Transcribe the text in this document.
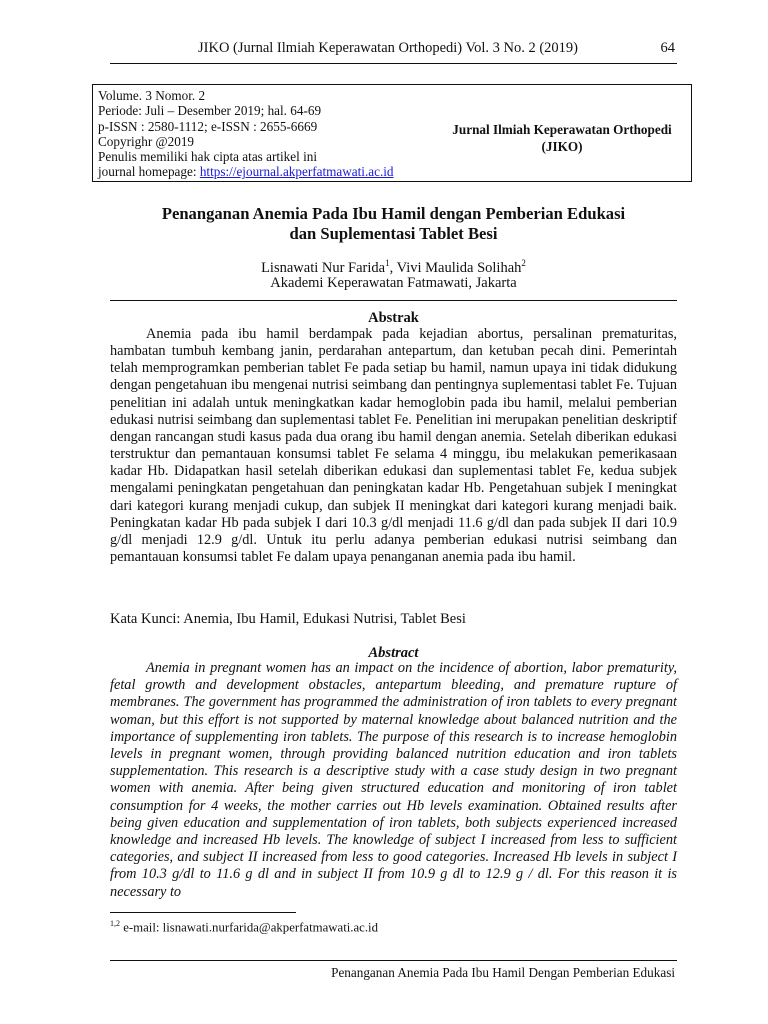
JIKO (Jurnal Ilmiah Keperawatan Orthopedi) Vol. 3 No. 2 (2019)	64
Volume. 3 Nomor. 2
Periode: Juli – Desember 2019; hal. 64-69
p-ISSN : 2580-1112; e-ISSN : 2655-6669
Copyrighr @2019
Penulis memiliki hak cipta atas artikel ini
journal homepage: https://ejournal.akperfatmawati.ac.id
Jurnal Ilmiah Keperawatan Orthopedi
(JIKO)
Penanganan Anemia Pada Ibu Hamil dengan Pemberian Edukasi
dan Suplementasi Tablet Besi
Lisnawati Nur Farida$^1$, Vivi Maulida Solihah$^2$
Akademi Keperawatan Fatmawati, Jakarta
Abstrak
Anemia pada ibu hamil berdampak pada kejadian abortus, persalinan prematuritas, hambatan tumbuh kembang janin, perdarahan antepartum, dan ketuban pecah dini. Pemerintah telah memprogramkan pemberian tablet Fe pada setiap bu hamil, namun upaya ini tidak didukung dengan pengetahuan ibu mengenai nutrisi seimbang dan pentingnya suplementasi tablet Fe. Tujuan penelitian ini adalah untuk meningkatkan kadar hemoglobin pada ibu hamil, melalui pemberian edukasi nutrisi seimbang dan suplementasi tablet Fe. Penelitian ini merupakan penelitian deskriptif dengan rancangan studi kasus pada dua orang ibu hamil dengan anemia. Setelah diberikan edukasi terstruktur dan pemantauan konsumsi tablet Fe selama 4 minggu, ibu melakukan pemerikasaan kadar Hb. Didapatkan hasil setelah diberikan edukasi dan suplementasi tablet Fe, kedua subjek mengalami peningkatan pengetahuan dan peningkatan kadar Hb. Pengetahuan subjek I meningkat dari kategori kurang menjadi cukup, dan subjek II meningkat dari kategori kurang menjadi baik. Peningkatan kadar Hb pada subjek I dari 10.3 g/dl menjadi 11.6 g/dl dan pada subjek II dari 10.9 g/dl menjadi 12.9 g/dl. Untuk itu perlu adanya pemberian edukasi nutrisi seimbang dan pemantauan konsumsi tablet Fe dalam upaya penanganan anemia pada ibu hamil.
Kata Kunci: Anemia, Ibu Hamil, Edukasi Nutrisi, Tablet Besi
Abstract
Anemia in pregnant women has an impact on the incidence of abortion, labor prematurity, fetal growth and development obstacles, antepartum bleeding, and premature rupture of membranes. The government has programmed the administration of iron tablets to every pregnant woman, but this effort is not supported by maternal knowledge about balanced nutrition and the importance of supplementing iron tablets. The purpose of this research is to increase hemoglobin levels in pregnant women, through providing balanced nutrition education and iron tablets supplementation. This research is a descriptive study with a case study design in two pregnant women with anemia. After being given structured education and monitoring of iron tablet consumption for 4 weeks, the mother carries out Hb levels examination. Obtained results after being given education and supplementation of iron tablets, both subjects experienced increased knowledge and increased Hb levels. The knowledge of subject I increased from less to sufficient categories, and subject II increased from less to good categories. Increased Hb levels in subject I from 10.3 g/dl to 11.6 g dl and in subject II from 10.9 g dl to 12.9 g / dl. For this reason it is necessary to
$^{1,2}$ e-mail: lisnawati.nurfarida@akperfatmawati.ac.id
Penanganan Anemia Pada Ibu Hamil Dengan Pemberian Edukasi
